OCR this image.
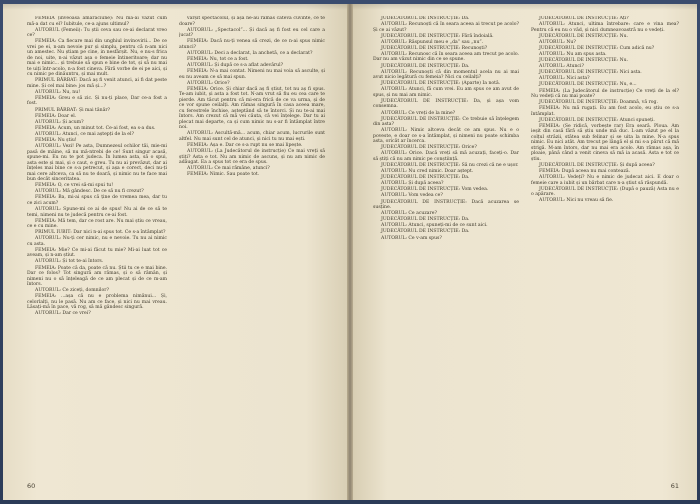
FEMEIA (inveoasă amărăciune): Nu mă-ai văzut cum mă-a dat cu el? Iubitule, ce-a ajuns ultimul?

AUTORUL (Femeii): Tu știi ceva sau ce-ai declarat vreo ce?

FEMEIA: Ca fiecare mai din unghiul invinovirii... De ce vrei pe ei, n-am nevoie pur și simplu, pentru că n-am nici un amestec. Nu știam pe cine, in nesfârșit. Nu, e nu-s frica de noi, uite, n-ai văzut așa o femeie întineritoare; dar nu mai e nimic... și trebuie să spun e bine de tot, și să nu mai te uiți într-acolo, n-a fost cineva. Fără vorbe de ei pe aici, și cu nimic pe dinăuntru, și mai mult.

PRIMUL BĂRBAT: Dacă aș fi venit atunci, ai fi dat peste mine. Și cel mai bine: jos mă și...?

AUTORUL: Nu, nu!

FEMEIA: Greu e să zic. Și nu-ți place, Dar ce-a fost a fost.

PRIMUL BĂRBAT: Și mai tânăr?

FEMEIA: Doar el.

AUTORUL: Și acum?

FEMEIA: Acum, un minut tot. Ce-ai fost, ea s-a dus.

AUTORUL: Atunci, ce mai aștepți de la el?

FEMEIA: Nu știu!

AUTORUL: Vezi! Pe asta, Dumnezeul ochilor tăi, mie-mi pasă de mâine, să nu mă-ntrebi de ce! Sunt singur acasă, spune-mi. Eu nu te pot judeca. În lumea asta, să o spui, asta este și mai, și o caut, e greu. Tu nu ai prevăzut, dar ai înțeles mai bine ce s-a petrecut, și așa e corect, deci nu-ți mai cere altceva, ca să nu te doară, și nimic nu te face mai bun decât sinceritatea.

FEMEIA: O, ce vrei să-mi spui tu!

AUTORUL: Mă gândesc. De ce să nu fi crezut?

FEMEIA: Ba, mi-ai spus că ține de vremea mea, dar tu ce zici acum?

AUTORUL: Spune-mi ce ai de spus! Nu ai de ce să te temi, nimeni nu te judecă pentru ce-ai fost.

FEMEIA: Mă tem, dar ce rost are. Nu mai știu ce vreau, ce e cu mine.

PRIMUL IUBIT: Dar nici n-ai spus tot. Ce s-a întâmplat?

AUTORUL: Nu-ți cer nimic, nu e nevoie. Tu nu ai nimic cu asta.

FEMEIA: Mie? Ce mi-ai făcut tu mie? Mi-ai luat tot ce aveam, și n-am știut.

AUTORUL: Și tot te-ai întors.

FEMEIA: Poate că da, poate că nu. Știi tu ce e mai bine. Dar ce folos? Tot singură am rămas, și o să rămân, și nimeni nu o să înțeleagă de ce am plecat și de ce m-am întors.

AUTORUL: Ce ziceți, domnilor?

FEMEIA: ...așa că nu e problema nimănui... Și, celorlalți, nu le pasă. Nu am ce face, și nici nu mai vreau. Lăsați-mă în pace, vă rog, să mă gândesc singură.

AUTORUL: Dar ce vrei?

vârșit spectacolul, și așa ne-au rămas câteva cuvinte, ce te doare?

AUTORUL: „Spectacol”... Și dacă aș fi fost eu cel care a jucat?

FEMEIA: Dacă nu-ți venea să crezi, de ce n-ai spus nimic atunci?

AUTORUL: Deci a declarat, la anchetă, ce a declarat?

FEMEIA: Nu, tot ce a fost.

AUTORUL: Și după ce s-a aflat adevărul?

FEMEIA: N-a mai contat. Nimeni nu mai voia să asculte, și eu nu aveam ce să mai spun.

AUTORUL: Orice?

FEMEIA: Orice. Și chiar dacă aș fi știut, tot nu aș fi spus. Te-am iubit, și asta a fost tot. N-am vrut să fiu eu cea care te pierde. Am tăcut pentru că mi-era frică de ce va urma, și de ce vor spune ceilalți. Am rămas singură în casa aceea mare, cu ferestrele închise, așteptând să te întorci. Și nu te-ai mai întors. Am crezut că mă vei căuta, că vei înțelege. Dar tu ai plecat mai departe, ca și cum nimic nu s-ar fi întâmplat între noi.

AUTORUL: Ascultă-mă... acum, chiar acum, lucrurile sunt altfel. Nu mai sunt cel de atunci, și nici tu nu mai ești.

FEMEIA: Așa e. Dar ce s-a rupt nu se mai lipește.

AUTORUL: (La Judecătorul de instrucție) Ce mai vreți să știți? Asta e tot. Nu am nimic de ascuns, și nu am nimic de adăugat. Ea a spus tot ce era de spus.

AUTORUL: Ce mai rămâne, atunci?

FEMEIA: Nimic. Sau poate tot.

60

JUDECĂTORUL DE INSTRUCȚIE: Da.

AUTORUL: Recunoști că în seara aceea ai trecut pe acolo? Și ce ai văzut?

JUDECĂTORUL DE INSTRUCȚIE: Fără îndoială.

AUTORUL: Răspunsul meu e „da” sau „nu”.

JUDECĂTORUL DE INSTRUCȚIE: Recunoști?

AUTORUL: Recunosc că în seara aceea am trecut pe acolo. Dar nu am văzut nimic din ce se spune.

JUDECĂTORUL DE INSTRUCȚIE: Da.

AUTORUL: Recunoști că din momentul acela nu ai mai avut nicio legătură cu femeia? Nici cu ceilalți?

JUDECĂTORUL DE INSTRUCȚIE: (Aparte) Ia notă.

AUTORUL: Atunci, fă cum vrei. Eu am spus ce am avut de spus, și nu mai am nimic.

JUDECĂTORUL DE INSTRUCȚIE: Da, și așa vom consemna.

AUTORUL: Ce vreți de la mine?

JUDECĂTORUL DE INSTRUCȚIE: Ce trebuie să înțelegem din asta?

AUTORUL: Nimic altceva decât ce am spus. Nu e o poveste, e doar ce s-a întâmplat, și nimeni nu poate schimba asta, oricât ar încerca.

JUDECĂTORUL DE INSTRUCȚIE: Orice?

AUTORUL: Orice. Dacă vreți să mă acuzați, faceți-o. Dar să știți că nu am nimic pe conștiință.

JUDECĂTORUL DE INSTRUCȚIE: Să nu crezi că ne e ușor.

AUTORUL: Nu cred nimic. Doar aștept.

JUDECĂTORUL DE INSTRUCȚIE: Da.

AUTORUL: Și după aceea?

JUDECĂTORUL DE INSTRUCȚIE: Vom vedea.

AUTORUL: Vom vedea ce?

JUDECĂTORUL DE INSTRUCȚIE: Dacă acuzarea se susține.

AUTORUL: Ce acuzare?

JUDECĂTORUL DE INSTRUCȚIE: Da.

AUTORUL: Atunci, spuneți-mi de ce sunt aici.

JUDECĂTORUL DE INSTRUCȚIE: Da.

AUTORUL: Ce v-am spus?

JUDECĂTORUL DE INSTRUCȚIE: Ați?

AUTORUL: Atunci, ultima întrebare: care e vina mea? Pentru că eu nu o văd, și nici dumneavoastră nu o vedeți.

JUDECĂTORUL DE INSTRUCȚIE: Nu.

AUTORUL: Nu?

JUDECĂTORUL DE INSTRUCȚIE: Cum adică nu?

AUTORUL: Nu am spus asta.

JUDECĂTORUL DE INSTRUCȚIE: Nu.

AUTORUL: Atunci?

JUDECĂTORUL DE INSTRUCȚIE: Nici asta.

AUTORUL: Nici asta?

JUDECĂTORUL DE INSTRUCȚIE: Nu, e...

FEMEIA: (La Judecătorul de instrucție) Ce vreți de la el? Nu vedeți că nu mai poate?

JUDECĂTORUL DE INSTRUCȚIE: Doamnă, vă rog.

FEMEIA: Nu mă rugați. Eu am fost acolo, eu știu ce s-a întâmplat.

JUDECĂTORUL DE INSTRUCȚIE: Atunci spuneți.

FEMEIA: (Se ridică, vorbește rar) Era seară. Ploua. Am ieșit din casă fără să știu unde mă duc. L-am văzut pe el la colțul străzii, stătea sub felinar și se uita la mine. N-a spus nimic. Eu nici atât. Am trecut pe lângă el și mi s-a părut că mă strigă. M-am întors, dar nu mai era acolo. Am rămas așa, în ploaie, până când a venit cineva să mă ia acasă. Asta e tot ce știu.

JUDECĂTORUL DE INSTRUCȚIE: Și după aceea?

FEMEIA: După aceea nu mai contează.

AUTORUL: Vedeți? Nu e nimic de judecat aici. E doar o femeie care a iubit și un bărbat care n-a știut să răspundă.

JUDECĂTORUL DE INSTRUCȚIE: (După o pauză) Asta nu e o apărare.

AUTORUL: Nici nu vreau să fie.

61
